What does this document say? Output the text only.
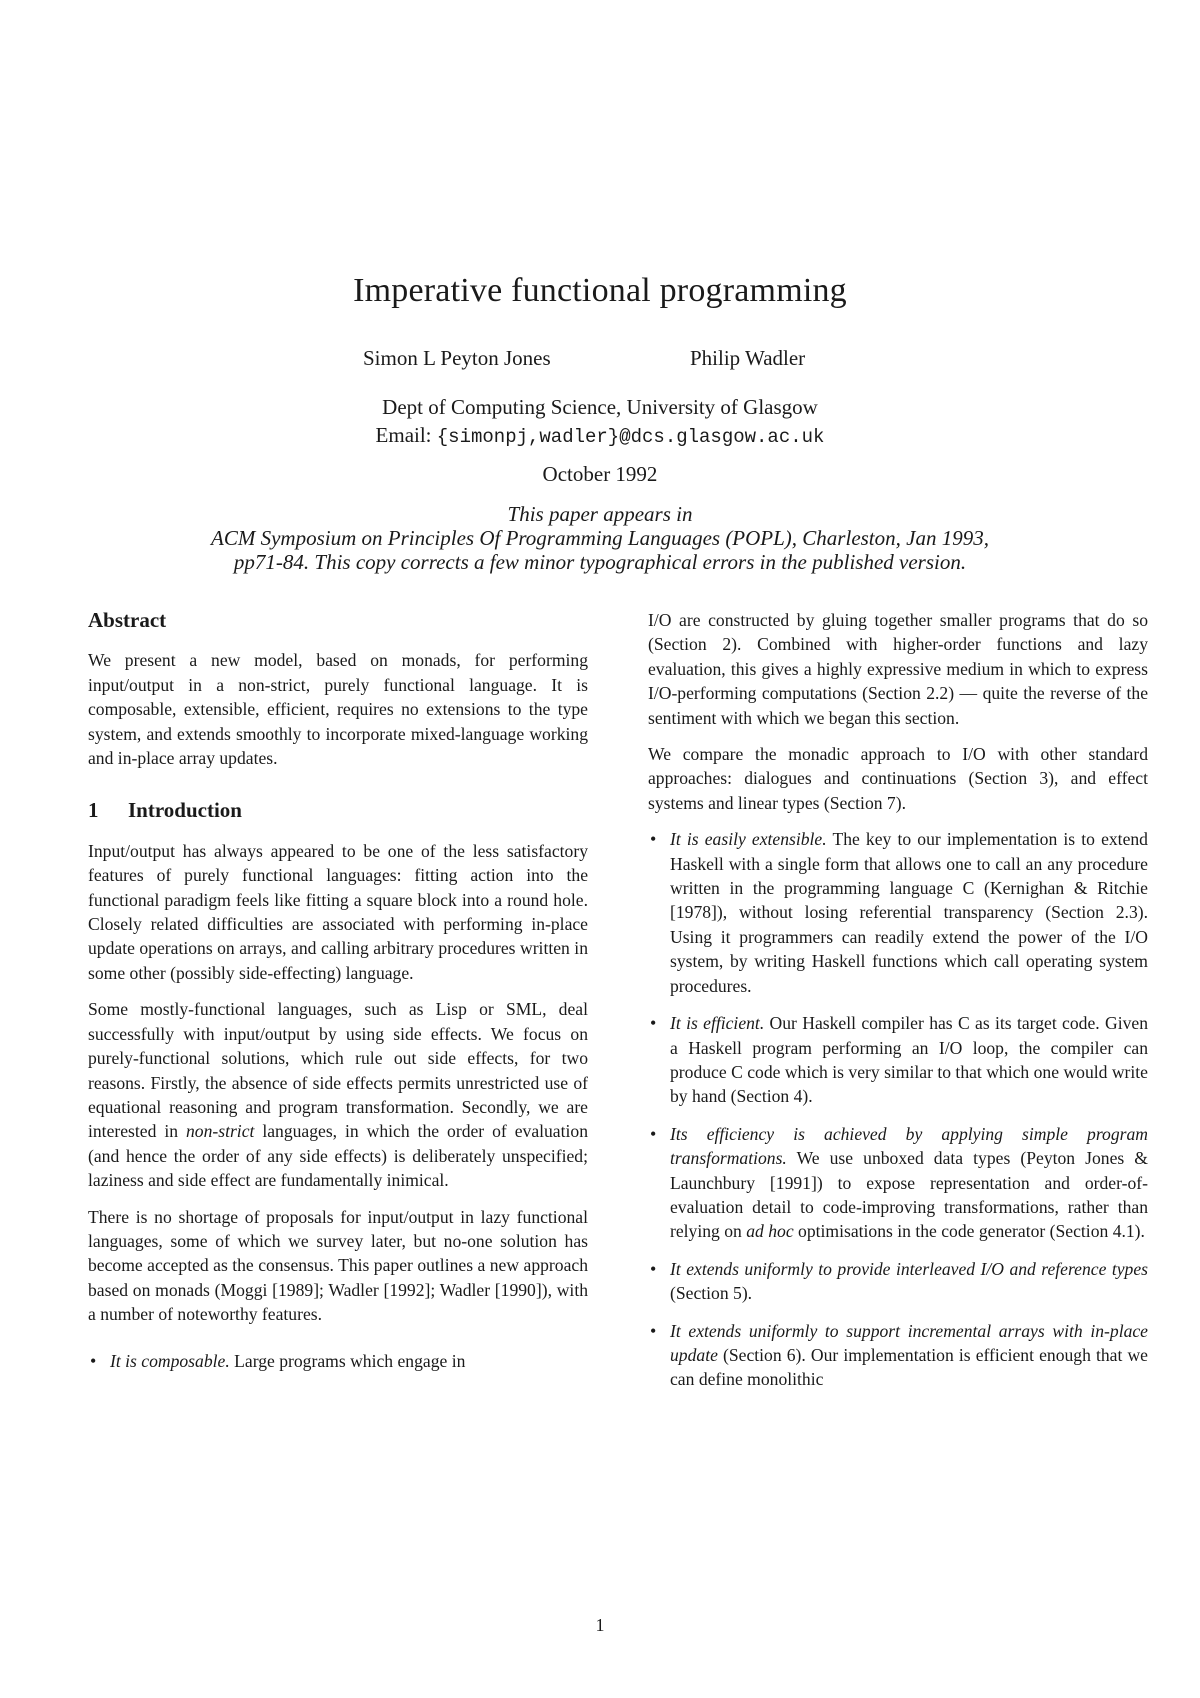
Imperative functional programming
Simon L Peyton Jones	Philip Wadler
Dept of Computing Science, University of Glasgow
Email: {simonpj,wadler}@dcs.glasgow.ac.uk
October 1992
This paper appears in
ACM Symposium on Principles Of Programming Languages (POPL), Charleston, Jan 1993,
pp71-84. This copy corrects a few minor typographical errors in the published version.
Abstract

We present a new model, based on monads, for performing input/output in a non-strict, purely functional language. It is composable, extensible, efficient, requires no extensions to the type system, and extends smoothly to incorporate mixed-language working and in-place array updates.

1 Introduction

Input/output has always appeared to be one of the less satisfactory features of purely functional languages: fitting action into the functional paradigm feels like fitting a square block into a round hole. Closely related difficulties are associated with performing in-place update operations on arrays, and calling arbitrary procedures written in some other (possibly side-effecting) language.

Some mostly-functional languages, such as Lisp or SML, deal successfully with input/output by using side effects. We focus on purely-functional solutions, which rule out side effects, for two reasons. Firstly, the absence of side effects permits unrestricted use of equational reasoning and program transformation. Secondly, we are interested in non-strict languages, in which the order of evaluation (and hence the order of any side effects) is deliberately unspecified; laziness and side effect are fundamentally inimical.

There is no shortage of proposals for input/output in lazy functional languages, some of which we survey later, but no-one solution has become accepted as the consensus. This paper outlines a new approach based on monads (Moggi [1989]; Wadler [1992]; Wadler [1990]), with a number of noteworthy features.

• It is composable. Large programs which engage in

I/O are constructed by gluing together smaller programs that do so (Section 2). Combined with higher-order functions and lazy evaluation, this gives a highly expressive medium in which to express I/O-performing computations (Section 2.2) — quite the reverse of the sentiment with which we began this section.

We compare the monadic approach to I/O with other standard approaches: dialogues and continuations (Section 3), and effect systems and linear types (Section 7).

• It is easily extensible. The key to our implementation is to extend Haskell with a single form that allows one to call an any procedure written in the programming language C (Kernighan & Ritchie [1978]), without losing referential transparency (Section 2.3). Using it programmers can readily extend the power of the I/O system, by writing Haskell functions which call operating system procedures.
• It is efficient. Our Haskell compiler has C as its target code. Given a Haskell program performing an I/O loop, the compiler can produce C code which is very similar to that which one would write by hand (Section 4).
• Its efficiency is achieved by applying simple program transformations. We use unboxed data types (Peyton Jones & Launchbury [1991]) to expose representation and order-of-evaluation detail to code-improving transformations, rather than relying on ad hoc optimisations in the code generator (Section 4.1).
• It extends uniformly to provide interleaved I/O and reference types (Section 5).
• It extends uniformly to support incremental arrays with in-place update (Section 6). Our implementation is efficient enough that we can define monolithic
1
